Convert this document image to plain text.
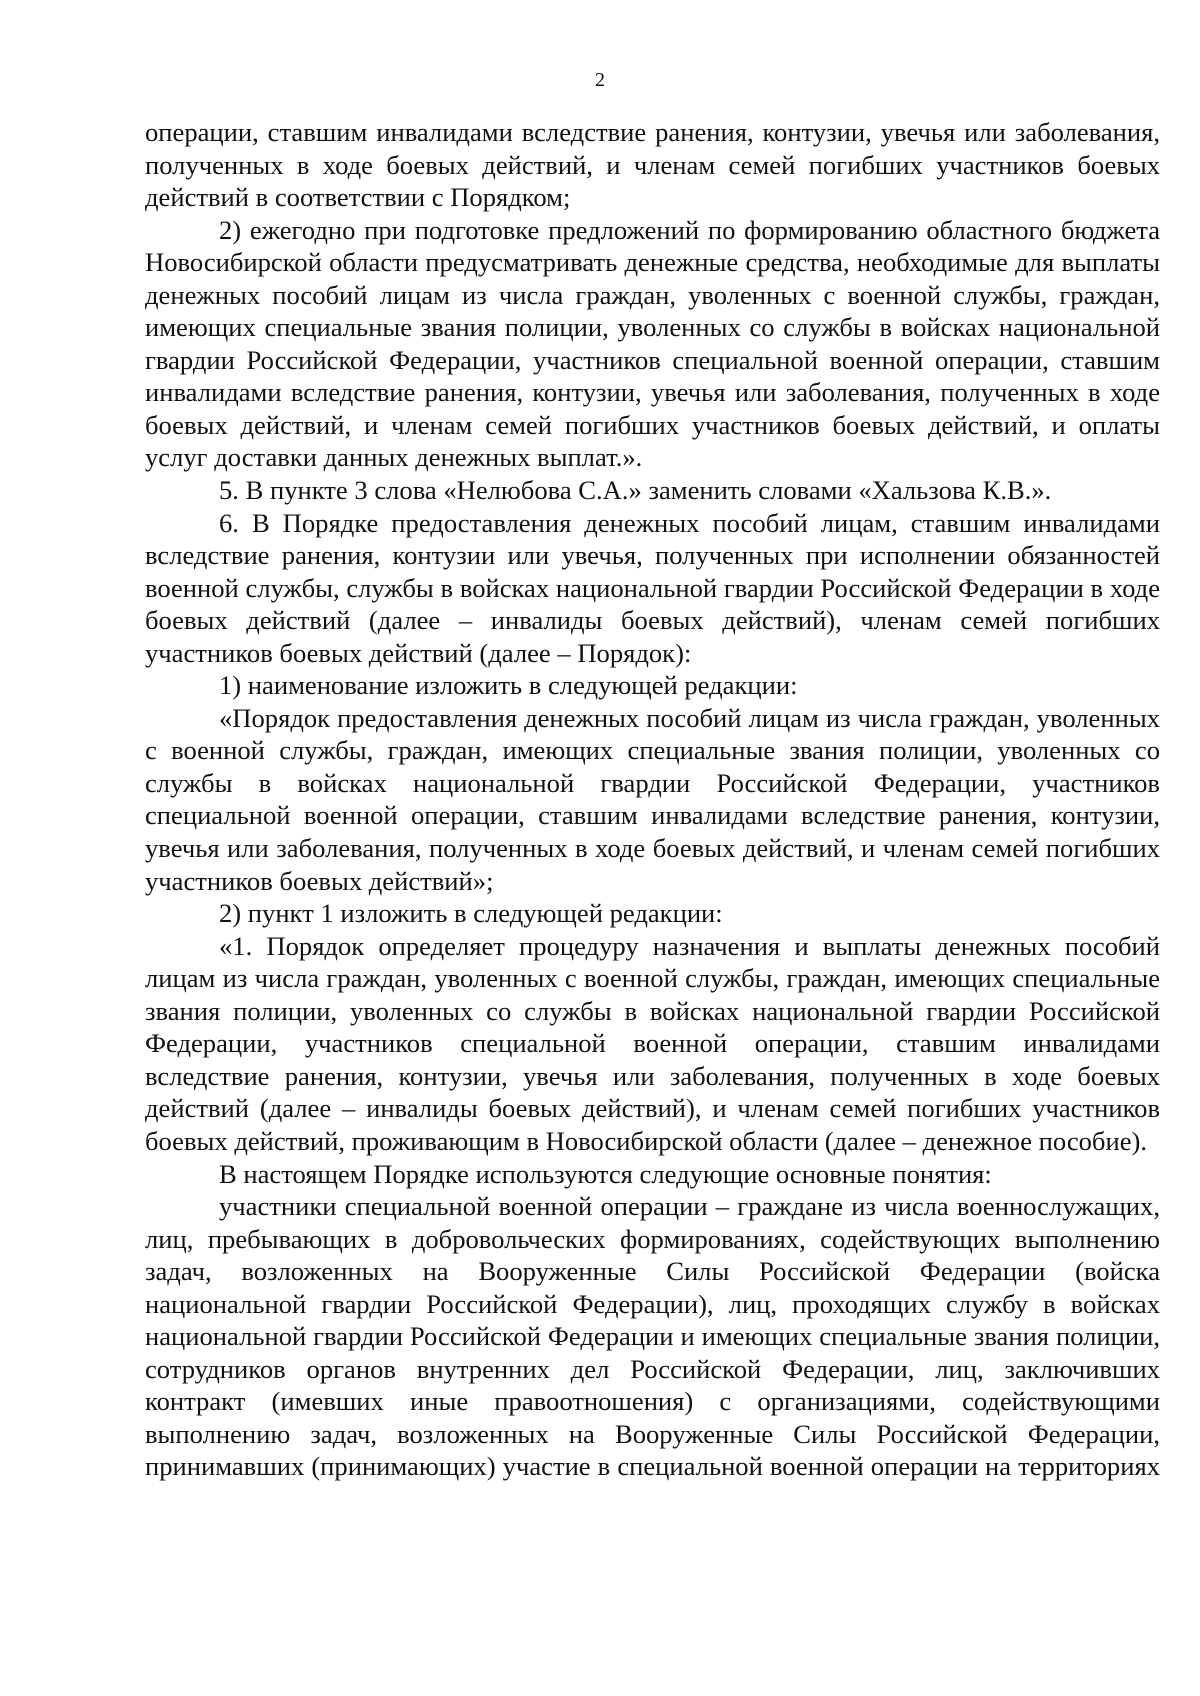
2

операции, ставшим инвалидами вследствие ранения, контузии, увечья или заболевания, полученных в ходе боевых действий, и членам семей погибших участников боевых действий в соответствии с Порядком;

2) ежегодно при подготовке предложений по формированию областного бюджета Новосибирской области предусматривать денежные средства, необходимые для выплаты денежных пособий лицам из числа граждан, уволенных с военной службы, граждан, имеющих специальные звания полиции, уволенных со службы в войсках национальной гвардии Российской Федерации, участников специальной военной операции, ставшим инвалидами вследствие ранения, контузии, увечья или заболевания, полученных в ходе боевых действий, и членам семей погибших участников боевых действий, и оплаты услуг доставки данных денежных выплат.».

5. В пункте 3 слова «Нелюбова С.А.» заменить словами «Хальзова К.В.».

6. В Порядке предоставления денежных пособий лицам, ставшим инвалидами вследствие ранения, контузии или увечья, полученных при исполнении обязанностей военной службы, службы в войсках национальной гвардии Российской Федерации в ходе боевых действий (далее – инвалиды боевых действий), членам семей погибших участников боевых действий (далее – Порядок):

1) наименование изложить в следующей редакции:

«Порядок предоставления денежных пособий лицам из числа граждан, уволенных с военной службы, граждан, имеющих специальные звания полиции, уволенных со службы в войсках национальной гвардии Российской Федерации, участников специальной военной операции, ставшим инвалидами вследствие ранения, контузии, увечья или заболевания, полученных в ходе боевых действий, и членам семей погибших участников боевых действий»;

2) пункт 1 изложить в следующей редакции:

«1. Порядок определяет процедуру назначения и выплаты денежных пособий лицам из числа граждан, уволенных с военной службы, граждан, имеющих специальные звания полиции, уволенных со службы в войсках национальной гвардии Российской Федерации, участников специальной военной операции, ставшим инвалидами вследствие ранения, контузии, увечья или заболевания, полученных в ходе боевых действий (далее – инвалиды боевых действий), и членам семей погибших участников боевых действий, проживающим в Новосибирской области (далее – денежное пособие).

В настоящем Порядке используются следующие основные понятия:

участники специальной военной операции – граждане из числа военнослужащих, лиц, пребывающих в добровольческих формированиях, содействующих выполнению задач, возложенных на Вооруженные Силы Российской Федерации (войска национальной гвардии Российской Федерации), лиц, проходящих службу в войсках национальной гвардии Российской Федерации и имеющих специальные звания полиции, сотрудников органов внутренних дел Российской Федерации, лиц, заключивших контракт (имевших иные правоотношения) с организациями, содействующими выполнению задач, возложенных на Вооруженные Силы Российской Федерации, принимавших (принимающих) участие в специальной военной операции на территориях
